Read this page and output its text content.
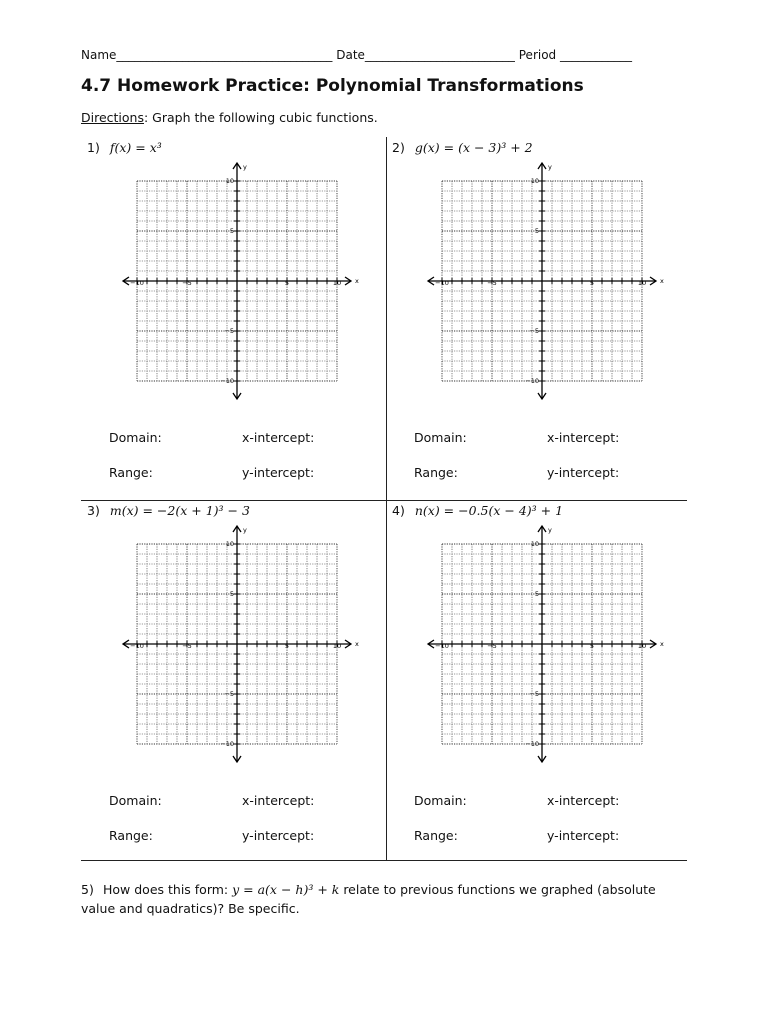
Name____________________________________ Date_________________________ Period ____________
4.7 Homework Practice: Polynomial Transformations
Directions: Graph the following cubic functions.
1) f(x) = x³
x
y
−10	−5	5	10
10
5
−5
−10
Domain:	x-intercept:
Range:	y-intercept:
2) g(x) = (x − 3)³ + 2
x
y
−10	−5	5	10
10
5
−5
−10
Domain:	x-intercept:
Range:	y-intercept:
3) m(x) = −2(x + 1)³ − 3
x
y
−10	−5	5	10
10
5
−5
−10
Domain:	x-intercept:
Range:	y-intercept:
4) n(x) = −0.5(x − 4)³ + 1
x
y
−10	−5	5	10
10
5
−5
−10
Domain:	x-intercept:
Range:	y-intercept:
5) How does this form: y = a(x − h)³ + k relate to previous functions we graphed (absolute value and quadratics)? Be specific.
